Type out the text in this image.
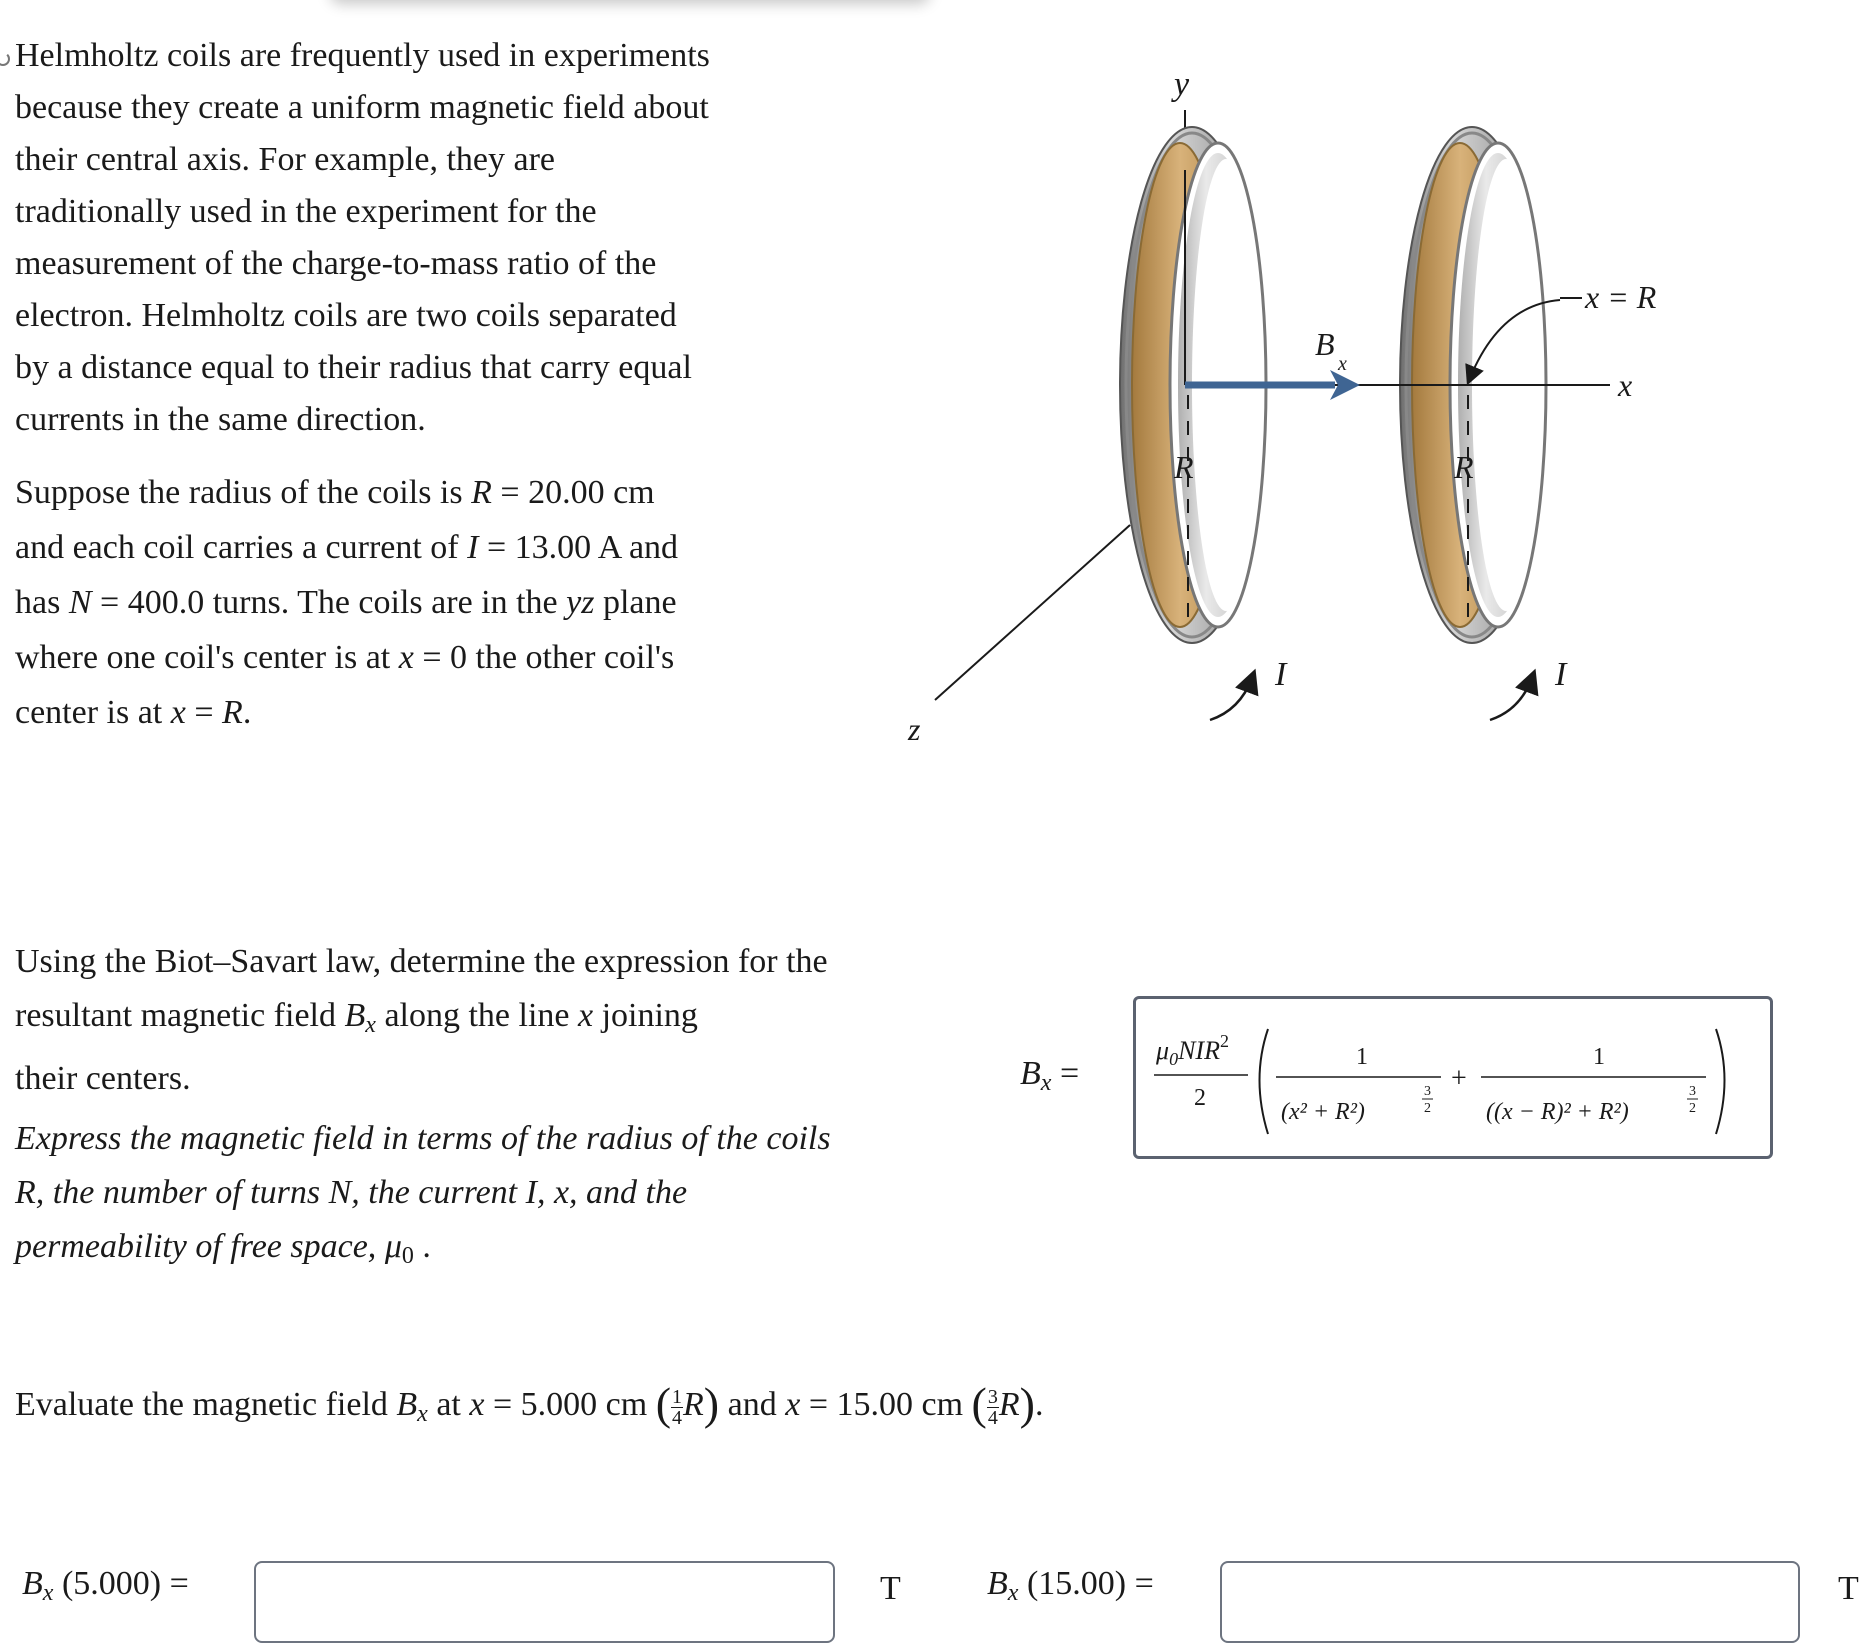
Helmholtz coils are frequently used in experiments
because they create a uniform magnetic field about
their central axis. For example, they are
traditionally used in the experiment for the
measurement of the charge-to-mass ratio of the
electron. Helmholtz coils are two coils separated
by a distance equal to their radius that carry equal
currents in the same direction.
Suppose the radius of the coils is R = 20.00 cm
and each coil carries a current of I = 13.00 A and
has N = 400.0 turns. The coils are in the yz plane
where one coil's center is at x = 0 the other coil's
center is at x = R.	z
y
x
R	R
B
x
x = R
I	I
Using the Biot–Savart law, determine the expression for the
resultant magnetic field $B_x$ along the line x joining
their centers.
Express the magnetic field in terms of the radius of the coils
R, the number of turns N, the current I, x, and the
permeability of free space, $\mu_0$ .
$B_x$ =
$\mu_0NIR^2$
2
1
(x² + R²)
3
2
+
1
((x − R)² + R²)
3
2
Evaluate the magnetic field $B_x$ at x = 5.000 cm ( $\frac{1}{4} R$) and x = 15.00 cm ( $\frac{3}{4} R$).
$B_x$ (5.000) =	T	$B_x$ (15.00) =	T
